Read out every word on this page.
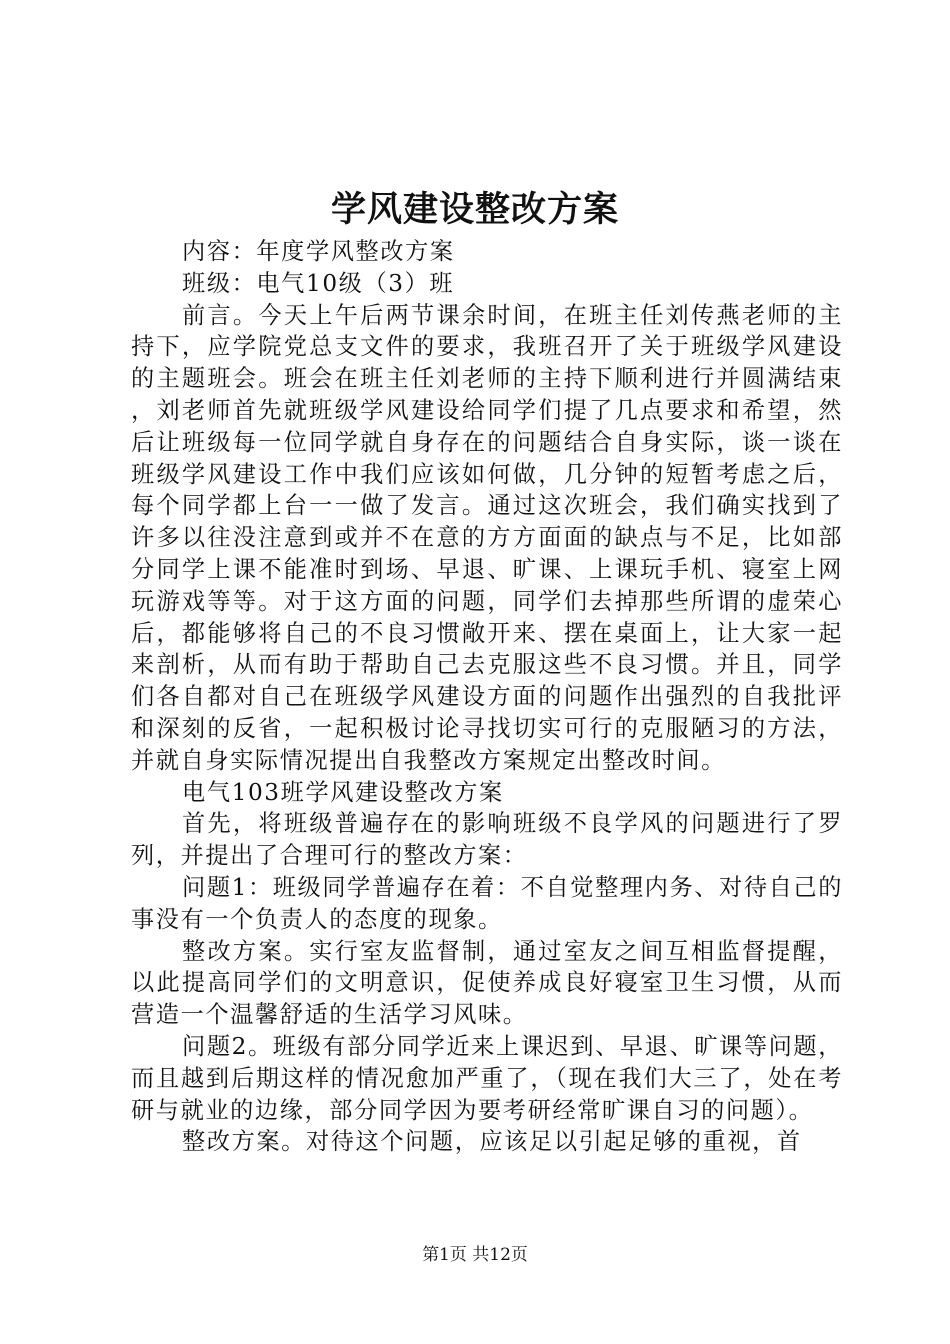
学风建设整改方案

内容：年度学风整改方案

班级：电气10级（3）班

前言。今天上午后两节课余时间，在班主任刘传燕老师的主持下，应学院党总支文件的要求，我班召开了关于班级学风建设的主题班会。班会在班主任刘老师的主持下顺利进行并圆满结束，刘老师首先就班级学风建设给同学们提了几点要求和希望，然后让班级每一位同学就自身存在的问题结合自身实际，谈一谈在班级学风建设工作中我们应该如何做，几分钟的短暂考虑之后，每个同学都上台一一做了发言。通过这次班会，我们确实找到了许多以往没注意到或并不在意的方方面面的缺点与不足，比如部分同学上课不能准时到场、早退、旷课、上课玩手机、寝室上网玩游戏等等。对于这方面的问题，同学们去掉那些所谓的虚荣心后，都能够将自己的不良习惯敞开来、摆在桌面上，让大家一起来剖析，从而有助于帮助自己去克服这些不良习惯。并且，同学们各自都对自己在班级学风建设方面的问题作出强烈的自我批评和深刻的反省，一起积极讨论寻找切实可行的克服陋习的方法，并就自身实际情况提出自我整改方案规定出整改时间。

电气103班学风建设整改方案

首先，将班级普遍存在的影响班级不良学风的问题进行了罗列，并提出了合理可行的整改方案：

问题1：班级同学普遍存在着：不自觉整理内务、对待自己的事没有一个负责人的态度的现象。

整改方案。实行室友监督制，通过室友之间互相监督提醒，以此提高同学们的文明意识，促使养成良好寝室卫生习惯，从而营造一个温馨舒适的生活学习风味。

问题2。班级有部分同学近来上课迟到、早退、旷课等问题，而且越到后期这样的情况愈加严重了，（现在我们大三了，处在考研与就业的边缘，部分同学因为要考研经常旷课自习的问题）。

整改方案。对待这个问题，应该足以引起足够的重视，首

第1页 共12页
